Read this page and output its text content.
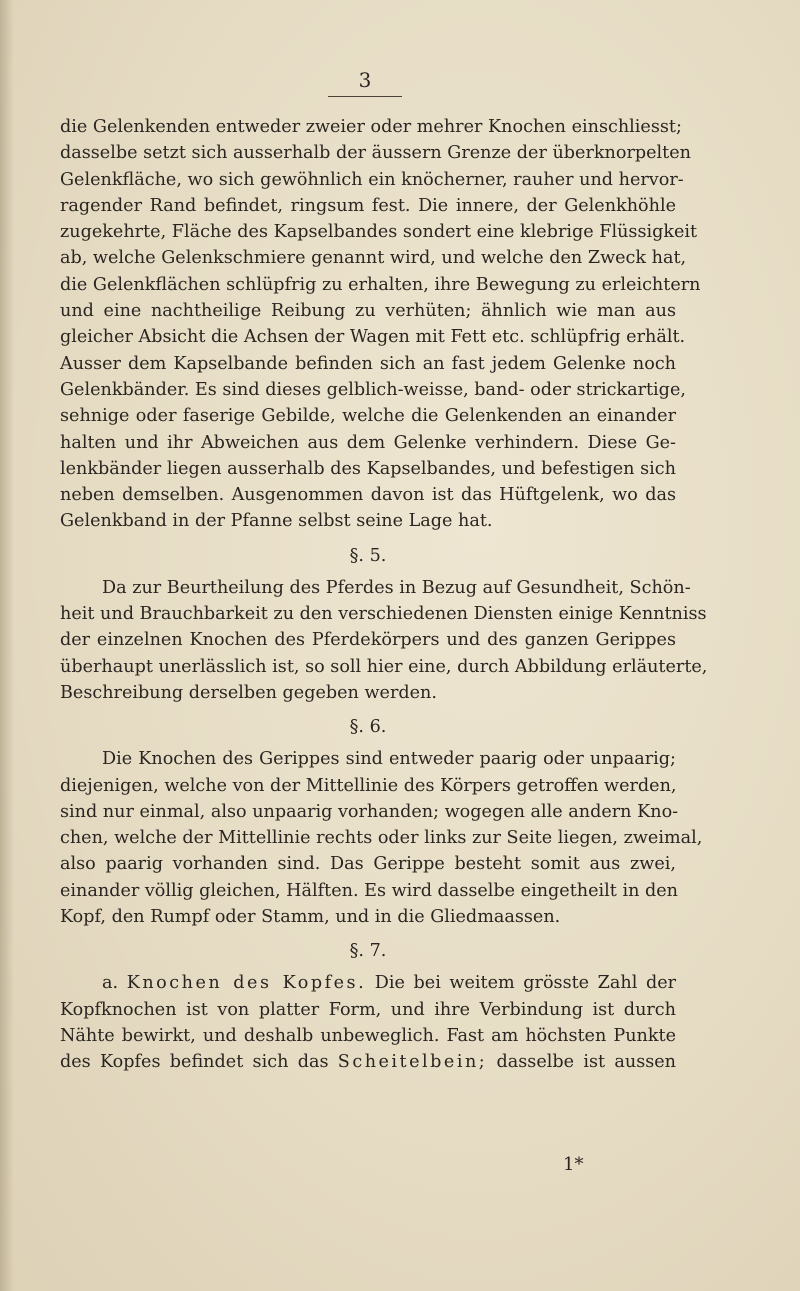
3
die Gelenkenden entweder zweier oder mehrer Knochen einschliesst;
dasselbe setzt sich ausserhalb der äussern Grenze der überknorpelten
Gelenkfläche, wo sich gewöhnlich ein knöcherner, rauher und hervor-
ragender Rand befindet, ringsum fest. Die innere, der Gelenkhöhle
zugekehrte, Fläche des Kapselbandes sondert eine klebrige Flüssigkeit
ab, welche Gelenkschmiere genannt wird, und welche den Zweck hat,
die Gelenkflächen schlüpfrig zu erhalten, ihre Bewegung zu erleichtern
und eine nachtheilige Reibung zu verhüten; ähnlich wie man aus
gleicher Absicht die Achsen der Wagen mit Fett etc. schlüpfrig erhält.
Ausser dem Kapselbande befinden sich an fast jedem Gelenke noch
Gelenkbänder. Es sind dieses gelblich-weisse, band- oder strickartige,
sehnige oder faserige Gebilde, welche die Gelenkenden an einander
halten und ihr Abweichen aus dem Gelenke verhindern. Diese Ge-
lenkbänder liegen ausserhalb des Kapselbandes, und befestigen sich
neben demselben. Ausgenommen davon ist das Hüftgelenk, wo das
Gelenkband in der Pfanne selbst seine Lage hat.
§. 5.
Da zur Beurtheilung des Pferdes in Bezug auf Gesundheit, Schön-
heit und Brauchbarkeit zu den verschiedenen Diensten einige Kenntniss
der einzelnen Knochen des Pferdekörpers und des ganzen Gerippes
überhaupt unerlässlich ist, so soll hier eine, durch Abbildung erläuterte,
Beschreibung derselben gegeben werden.
§. 6.
Die Knochen des Gerippes sind entweder paarig oder unpaarig;
diejenigen, welche von der Mittellinie des Körpers getroffen werden,
sind nur einmal, also unpaarig vorhanden; wogegen alle andern Kno-
chen, welche der Mittellinie rechts oder links zur Seite liegen, zweimal,
also paarig vorhanden sind. Das Gerippe besteht somit aus zwei,
einander völlig gleichen, Hälften. Es wird dasselbe eingetheilt in den
Kopf, den Rumpf oder Stamm, und in die Gliedmaassen.
§. 7.
a. Knochen des Kopfes. Die bei weitem grösste Zahl der
Kopfknochen ist von platter Form, und ihre Verbindung ist durch
Nähte bewirkt, und deshalb unbeweglich. Fast am höchsten Punkte
des Kopfes befindet sich das Scheitelbein; dasselbe ist aussen
1*
